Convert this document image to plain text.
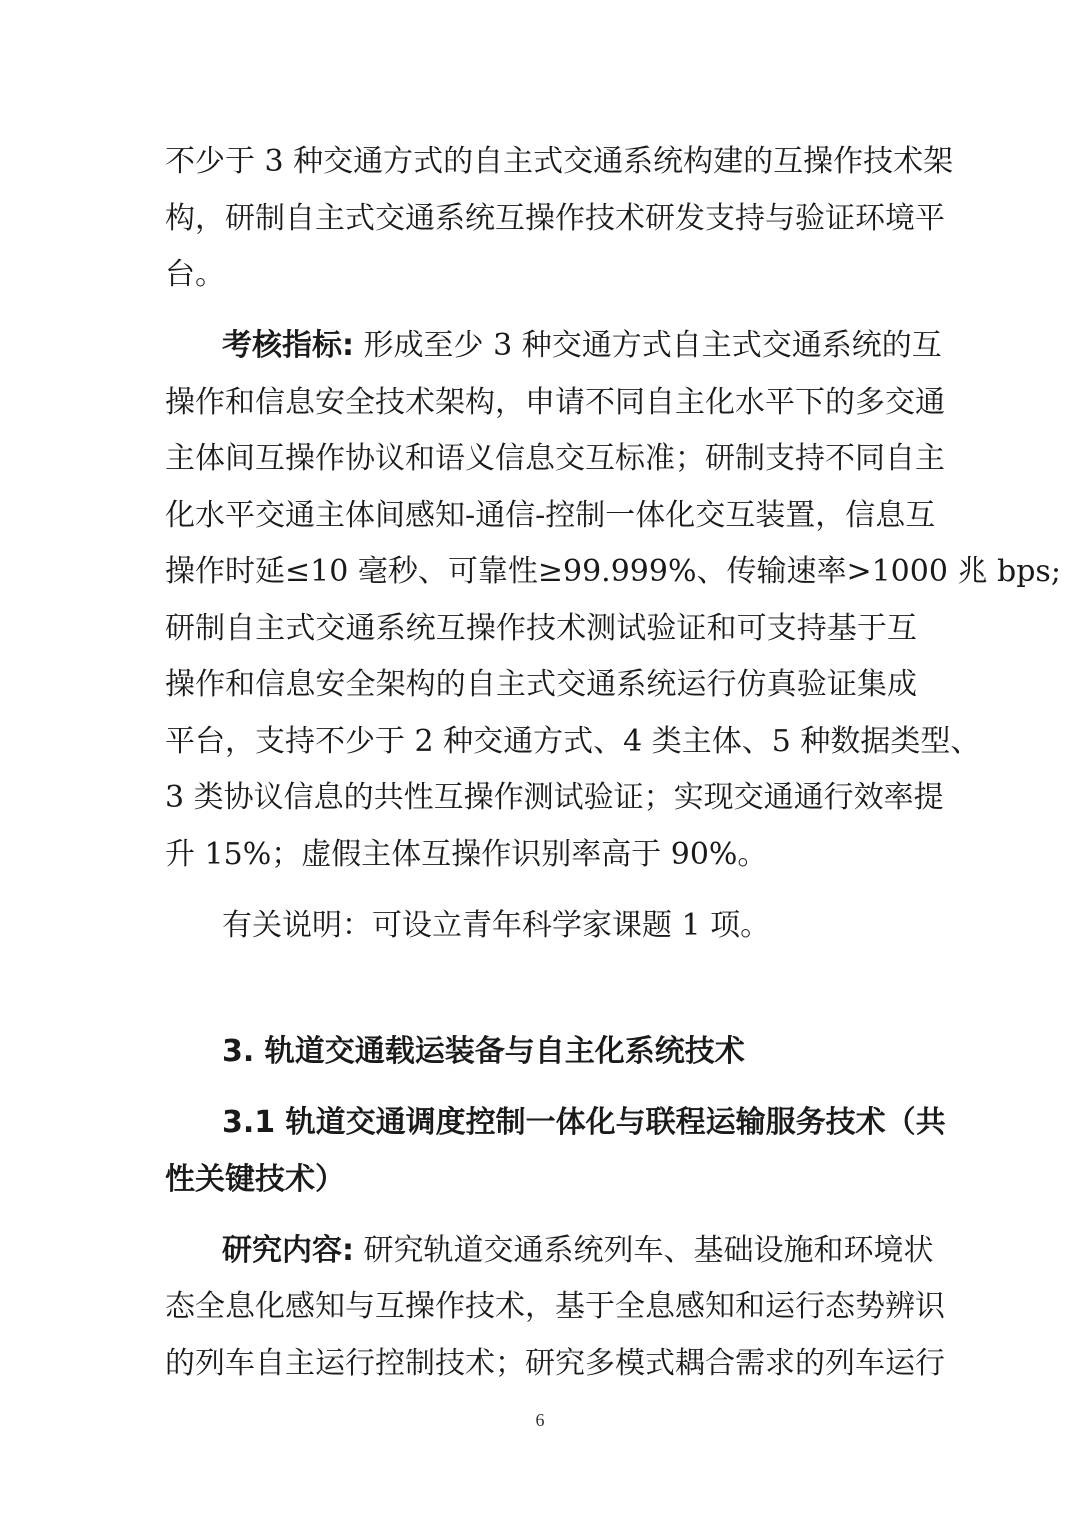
不少于 3 种交通方式的自主式交通系统构建的互操作技术架
构，研制自主式交通系统互操作技术研发支持与验证环境平
台。
考核指标: 形成至少 3 种交通方式自主式交通系统的互
操作和信息安全技术架构，申请不同自主化水平下的多交通
主体间互操作协议和语义信息交互标准；研制支持不同自主
化水平交通主体间感知-通信-控制一体化交互装置，信息互
操作时延≤10 毫秒、可靠性≥99.999%、传输速率>1000 兆 bps;
研制自主式交通系统互操作技术测试验证和可支持基于互
操作和信息安全架构的自主式交通系统运行仿真验证集成
平台，支持不少于 2 种交通方式、4 类主体、5 种数据类型、
3 类协议信息的共性互操作测试验证；实现交通通行效率提
升 15%；虚假主体互操作识别率高于 90%。
有关说明：可设立青年科学家课题 1 项。
3. 轨道交通载运装备与自主化系统技术
3.1 轨道交通调度控制一体化与联程运输服务技术（共
性关键技术）
研究内容: 研究轨道交通系统列车、基础设施和环境状
态全息化感知与互操作技术，基于全息感知和运行态势辨识
的列车自主运行控制技术；研究多模式耦合需求的列车运行
6
